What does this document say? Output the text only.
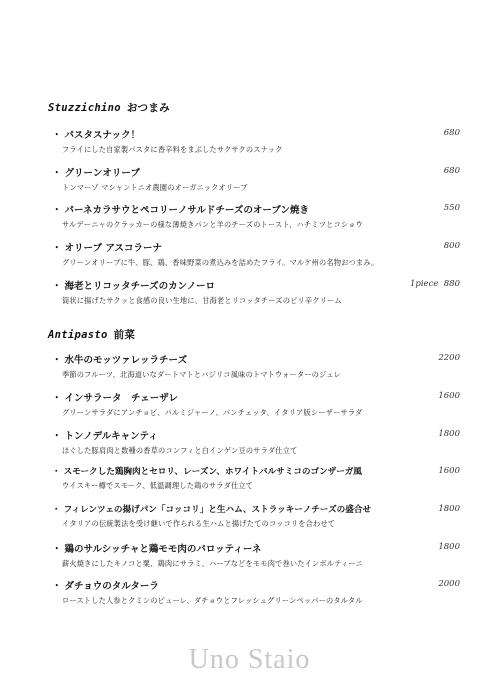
Stuzzichino おつまみ
・ パスタスナック！	680
フライにした自家製パスタに香辛料をまぶしたサクサクのスナック
・ グリーンオリーブ	680
トンマーゾ マシャントニオ農園のオーガニックオリーブ
・ パーネカラサウとペコリーノサルドチーズのオーブン焼き	550
サルデーニャのクラッカーの様な薄焼きパンと羊のチーズのトースト、ハチミツとコショウ
・ オリーブ アスコラーナ	800
グリーンオリーブに牛、豚、鶏、香味野菜の煮込みを詰めたフライ。マルケ州の名物おつまみ。
・ 海老とリコッタチーズのカンノーロ	1piece 880
筒状に揚げたサクッと食感の良い生地に、甘海老とリコッタチーズのピリ辛クリーム
Antipasto 前菜
・ 水牛のモッツァレッラチーズ	2200
季節のフルーツ、北海道いなダートマトとバジリコ風味のトマトウォーターのジュレ
・ インサラータ　チェーザレ	1600
グリーンサラダにアンチョビ、パルミジャーノ、パンチェッタ、イタリア版シーザーサラダ
・ トンノデルキャンティ	1800
ほぐした豚肩肉と数種の香草のコンフィと白インゲン豆のサラダ仕立て
・ スモークした鶏胸肉とセロリ、レーズン、ホワイトバルサミコのゴンザーガ風	1600
ウイスキー樽でスモーク、低温調理した鶏のサラダ仕立て
・ フィレンツェの揚げパン「コッコリ」と生ハム、ストラッキーノチーズの盛合せ	1800
イタリアの伝統製法を受け継いで作られる生ハムと揚げたてのコッコリを合わせて
・ 鶏のサルシッチャと鶏モモ肉のバロッティーネ	1800
薪火焼きにしたキノコと粟、鶏肉にサラミ、ハーブなどをモモ肉で巻いたインボルティーニ
・ ダチョウのタルターラ	2000
ローストした人参とクミンのピューレ、ダチョウとフレッシュグリーンペッパーのタルタル
Uno Staio
